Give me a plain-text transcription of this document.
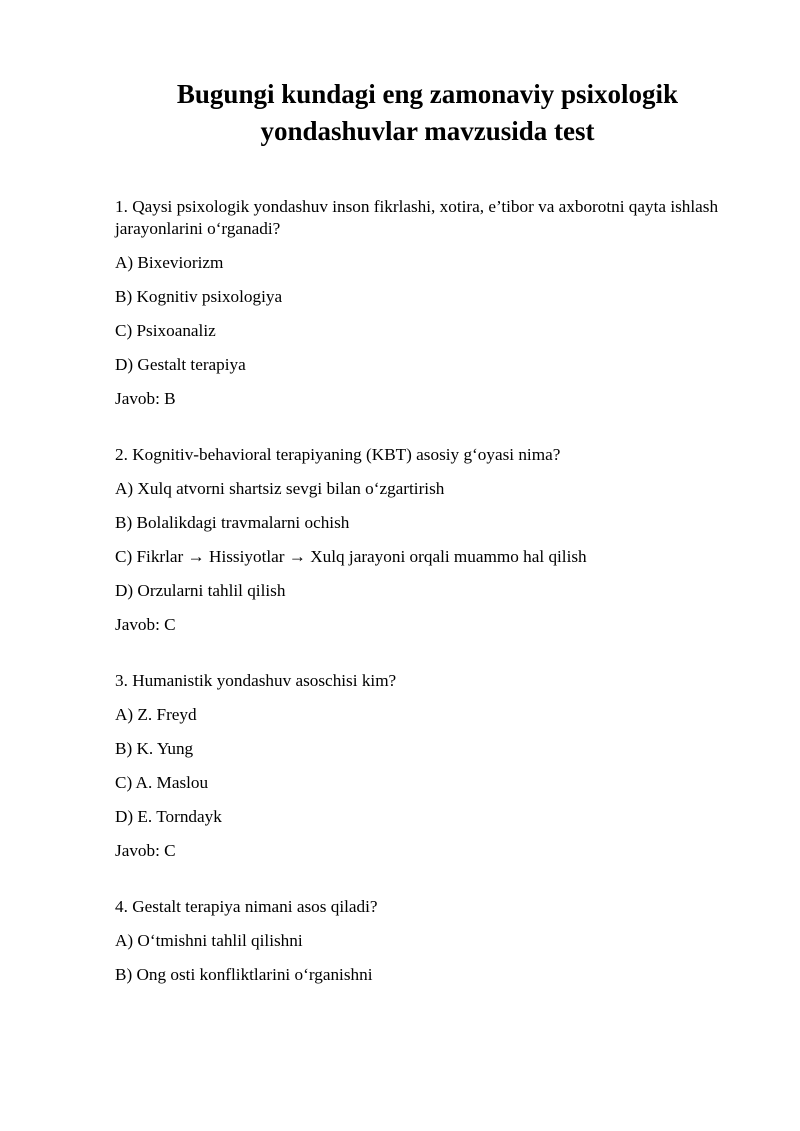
Bugungi kundagi eng zamonaviy psixologik
yondashuvlar mavzusida test

1. Qaysi psixologik yondashuv inson fikrlashi, xotira, e’tibor va axborotni qayta ishlash jarayonlarini o‘rganadi?

A) Bixeviorizm

B) Kognitiv psixologiya

C) Psixoanaliz

D) Gestalt terapiya

Javob: B

2. Kognitiv-behavioral terapiyaning (KBT) asosiy g‘oyasi nima?

A) Xulq atvorni shartsiz sevgi bilan o‘zgartirish

B) Bolalikdagi travmalarni ochish

C) Fikrlar → Hissiyotlar → Xulq jarayoni orqali muammo hal qilish

D) Orzularni tahlil qilish

Javob: C

3. Humanistik yondashuv asoschisi kim?

A) Z. Freyd

B) K. Yung

C) A. Maslou

D) E. Torndayk

Javob: C

4. Gestalt terapiya nimani asos qiladi?

A) O‘tmishni tahlil qilishni

B) Ong osti konfliktlarini o‘rganishni
